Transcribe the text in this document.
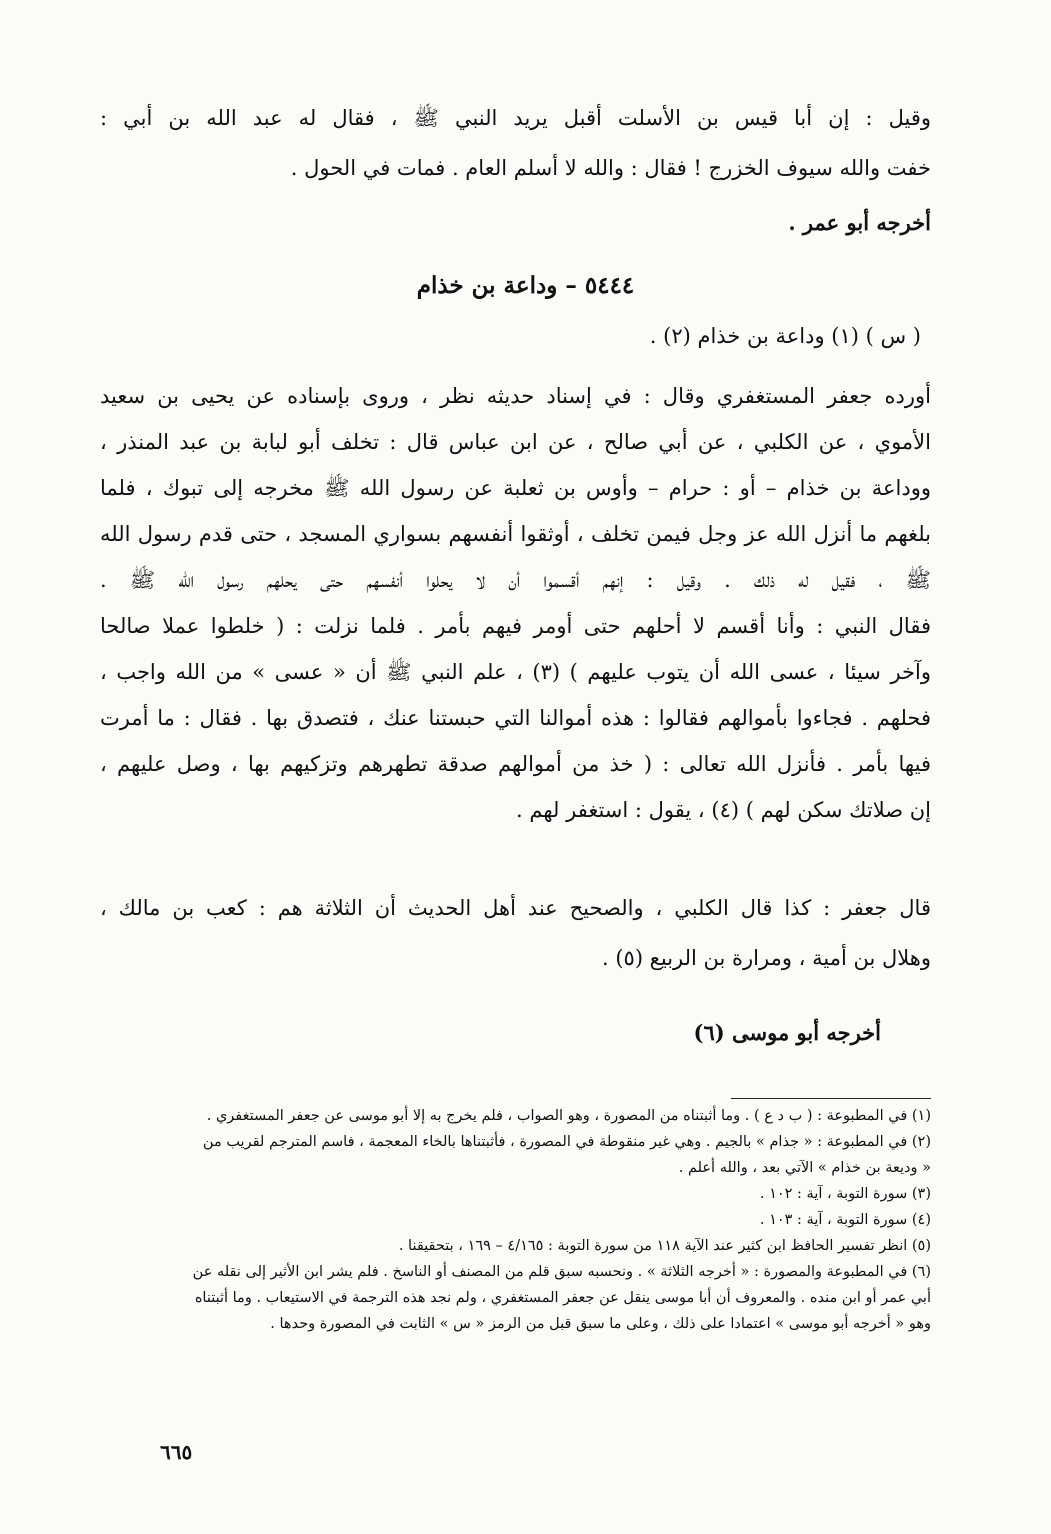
وقيل : إن أبا قيس بن الأسلت أقبل يريد النبي ﷺ ، فقال له عبد الله بن أبي :
خفت والله سيوف الخزرج ! فقال : والله لا أسلم العام . فمات في الحول .
أخرجه أبو عمر .
٥٤٤٤ – وداعة بن خذام
( س ) (١) وداعة بن خذام (٢) .
أورده جعفر المستغفري وقال : في إسناد حديثه نظر ، وروى بإسناده عن يحيى بن سعيد
الأموي ، عن الكلبي ، عن أبي صالح ، عن ابن عباس قال : تخلف أبو لبابة بن عبد المنذر ،
ووداعة بن خذام – أو : حرام – وأوس بن ثعلبة عن رسول الله ﷺ مخرجه إلى تبوك ، فلما
بلغهم ما أنزل الله عز وجل فيمن تخلف ، أوثقوا أنفسهم بسواري المسجد ، حتى قدم رسول الله
ﷺ ، فقيل له ذلك . وقيل : إنهم أقسموا أن لا يحلوا أنفسهم حتى يحلهم رسول الله ﷺ .
فقال النبي : وأنا أقسم لا أحلهم حتى أومر فيهم بأمر . فلما نزلت : ( خلطوا عملا صالحا
وآخر سيئا ، عسى الله أن يتوب عليهم ) (٣) ، علم النبي ﷺ أن « عسى » من الله واجب ،
فحلهم . فجاءوا بأموالهم فقالوا : هذه أموالنا التي حبستنا عنك ، فتصدق بها . فقال : ما أمرت
فيها بأمر . فأنزل الله تعالى : ( خذ من أموالهم صدقة تطهرهم وتزكيهم بها ، وصل عليهم ،
إن صلاتك سكن لهم ) (٤) ، يقول : استغفر لهم .
قال جعفر : كذا قال الكلبي ، والصحيح عند أهل الحديث أن الثلاثة هم : كعب بن مالك ،
وهلال بن أمية ، ومرارة بن الربيع (٥) .
أخرجه أبو موسى (٦)
(١) في المطبوعة : ( ب د ع ) . وما أثبتناه من المصورة ، وهو الصواب ، فلم يخرج به إلا أبو موسى عن جعفر المستغفري .
(٢) في المطبوعة : « جذام » بالجيم . وهي غير منقوطة في المصورة ، فأثبتناها بالخاء المعجمة ، فاسم المترجم لقريب من
« وديعة بن خذام » الآتي بعد ، والله أعلم .
(٣) سورة التوبة ، آية : ١٠٢ .
(٤) سورة التوبة ، آية : ١٠٣ .
(٥) انظر تفسير الحافظ ابن كثير عند الآية ١١٨ من سورة التوبة : ٤/١٦٥ – ١٦٩ ، بتحقيقنا .
(٦) في المطبوعة والمصورة : « أخرجه الثلاثة » . ونحسبه سبق قلم من المصنف أو الناسخ . فلم يشر ابن الأثير إلى نقله عن
أبي عمر أو ابن منده . والمعروف أن أبا موسى ينقل عن جعفر المستغفري ، ولم نجد هذه الترجمة في الاستيعاب . وما أثبتناه
وهو « أخرجه أبو موسى » اعتمادا على ذلك ، وعلى ما سبق قبل من الرمز « س » الثابت في المصورة وحدها .
٦٦٥
